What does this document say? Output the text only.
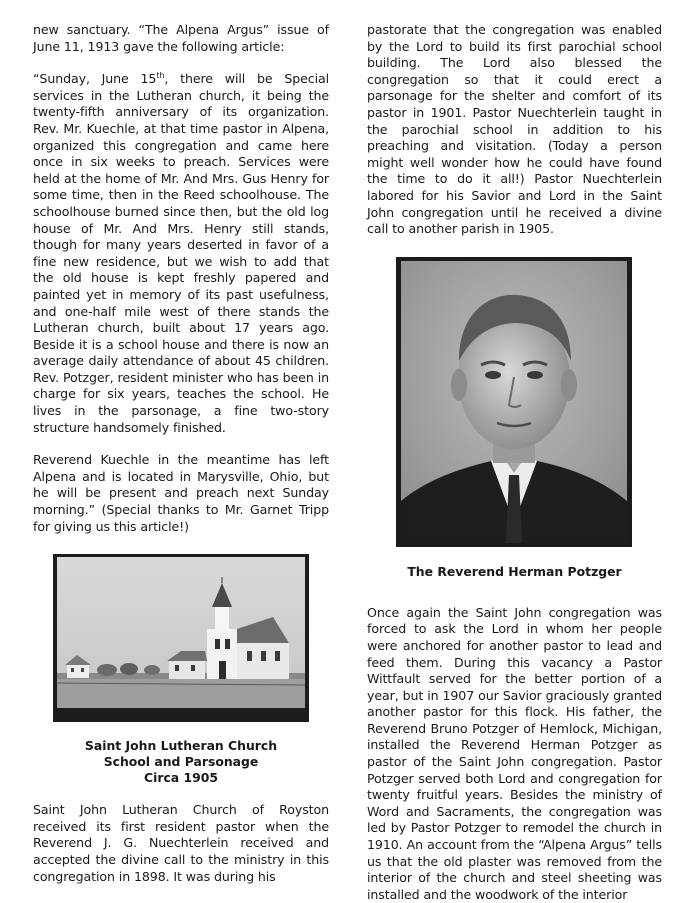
new sanctuary. “The Alpena Argus” issue of June 11, 1913 gave the following article:

“Sunday, June 15th, there will be Special services in the Lutheran church, it being the twenty-fifth anniversary of its organization. Rev. Mr. Kuechle, at that time pastor in Alpena, organized this congregation and came here once in six weeks to preach. Services were held at the home of Mr. And Mrs. Gus Henry for some time, then in the Reed schoolhouse. The schoolhouse burned since then, but the old log house of Mr. And Mrs. Henry still stands, though for many years deserted in favor of a fine new residence, but we wish to add that the old house is kept freshly papered and painted yet in memory of its past usefulness, and one-half mile west of there stands the Lutheran church, built about 17 years ago. Beside it is a school house and there is now an average daily attendance of about 45 children. Rev. Potzger, resident minister who has been in charge for six years, teaches the school. He lives in the parsonage, a fine two-story structure handsomely finished.

Reverend Kuechle in the meantime has left Alpena and is located in Marysville, Ohio, but he will be present and preach next Sunday morning.” (Special thanks to Mr. Garnet Tripp for giving us this article!)

Saint John Lutheran Church
School and Parsonage
Circa 1905

Saint John Lutheran Church of Royston received its first resident pastor when the Reverend J. G. Nuechterlein received and accepted the divine call to the ministry in this congregation in 1898. It was during his

pastorate that the congregation was enabled by the Lord to build its first parochial school building. The Lord also blessed the congregation so that it could erect a parsonage for the shelter and comfort of its pastor in 1901. Pastor Nuechterlein taught in the parochial school in addition to his preaching and visitation. (Today a person might well wonder how he could have found the time to do it all!) Pastor Nuechterlein labored for his Savior and Lord in the Saint John congregation until he received a divine call to another parish in 1905.

The Reverend Herman Potzger

Once again the Saint John congregation was forced to ask the Lord in whom her people were anchored for another pastor to lead and feed them. During this vacancy a Pastor Wittfault served for the better portion of a year, but in 1907 our Savior graciously granted another pastor for this flock. His father, the Reverend Bruno Potzger of Hemlock, Michigan, installed the Reverend Herman Potzger as pastor of the Saint John congregation. Pastor Potzger served both Lord and congregation for twenty fruitful years. Besides the ministry of Word and Sacraments, the congregation was led by Pastor Potzger to remodel the church in 1910. An account from the “Alpena Argus” tells us that the old plaster was removed from the interior of the church and steel sheeting was installed and the woodwork of the interior
